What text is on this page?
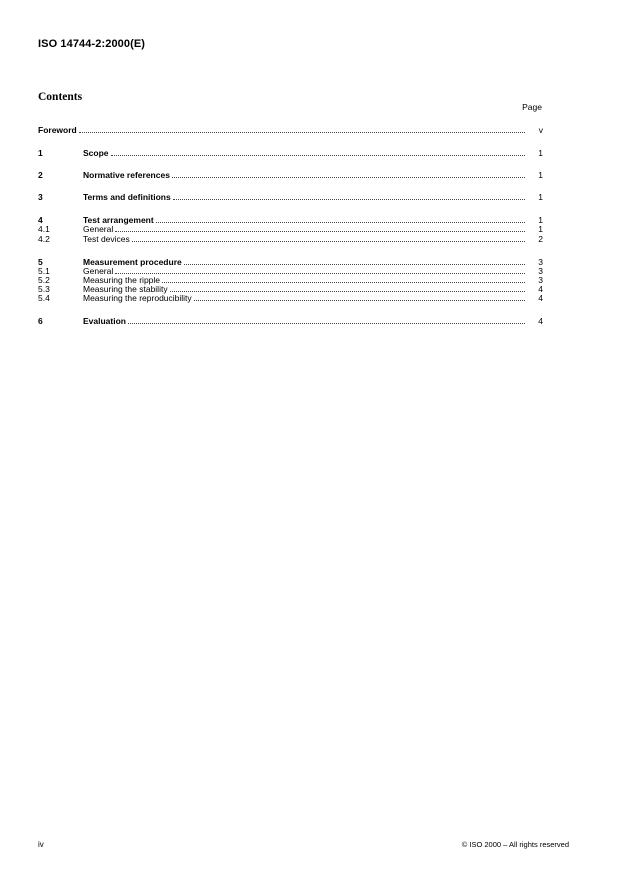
ISO 14744-2:2000(E)
Contents
Page
Foreword	v
1	Scope	1
2	Normative references	1
3	Terms and definitions	1
4	Test arrangement	1
4.1	General	1
4.2	Test devices	2
5	Measurement procedure	3
5.1	General	3
5.2	Measuring the ripple	3
5.3	Measuring the stability	4
5.4	Measuring the reproducibility	4
6	Evaluation	4
iv	© ISO 2000 – All rights reserved
